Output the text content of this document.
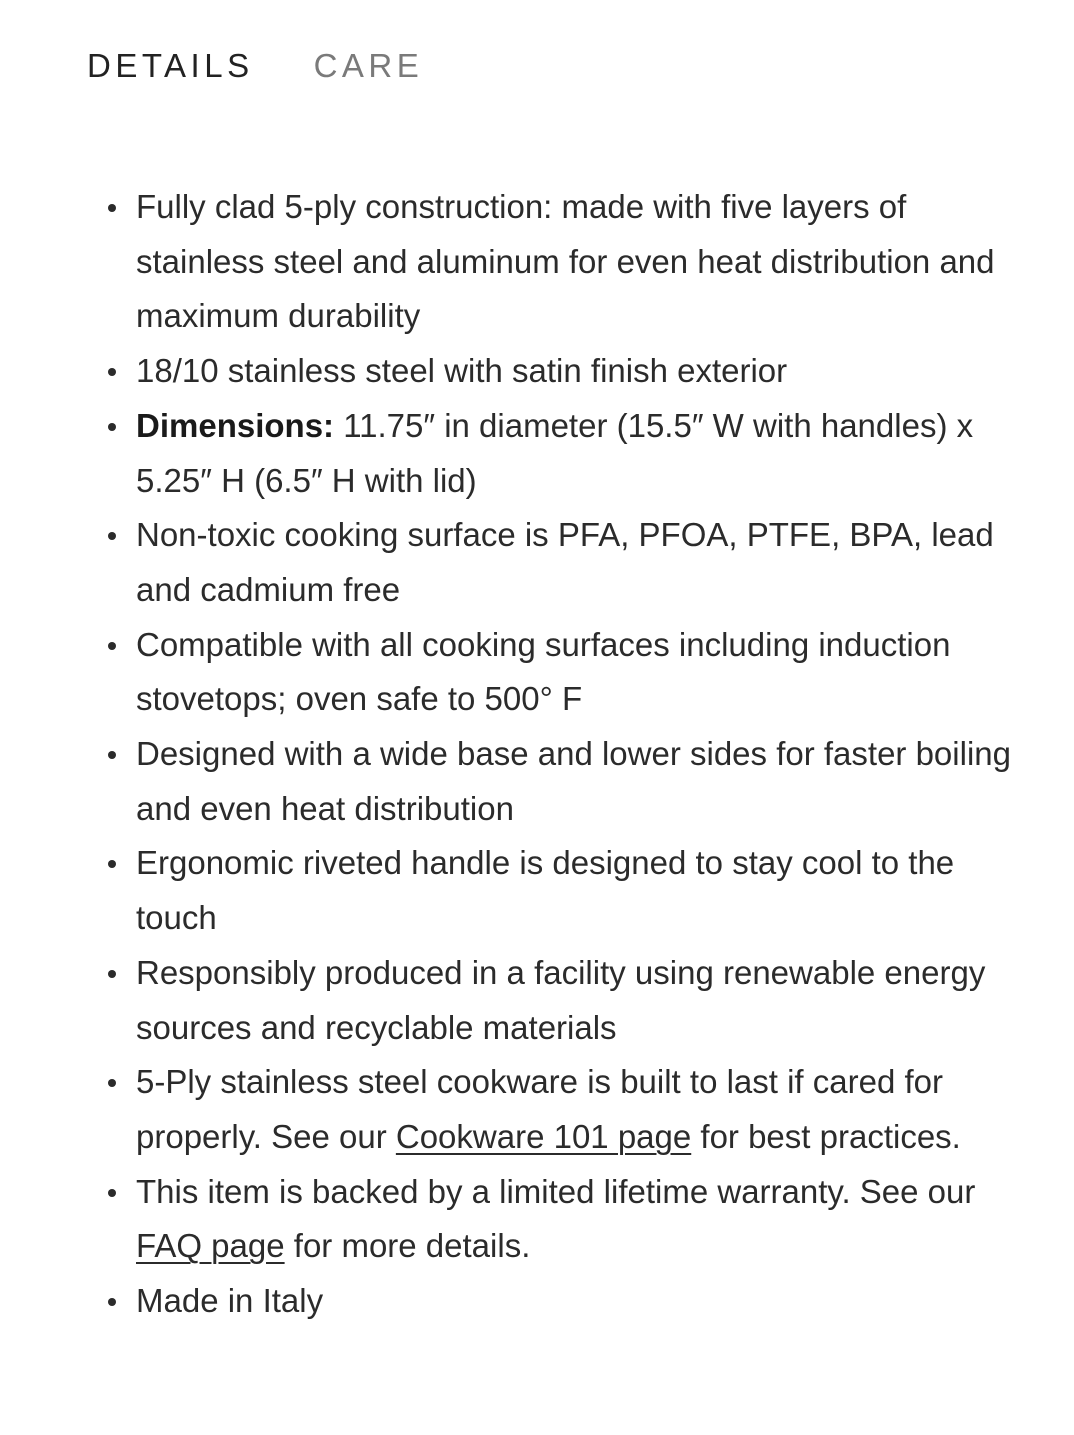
DETAILS CARE
Fully clad 5-ply construction: made with five layers of stainless steel and aluminum for even heat distribution and maximum durability
18/10 stainless steel with satin finish exterior
Dimensions: 11.75″ in diameter (15.5″ W with handles) x 5.25″ H (6.5″ H with lid)
Non-toxic cooking surface is PFA, PFOA, PTFE, BPA, lead and cadmium free
Compatible with all cooking surfaces including induction stovetops; oven safe to 500° F
Designed with a wide base and lower sides for faster boiling and even heat distribution
Ergonomic riveted handle is designed to stay cool to the touch
Responsibly produced in a facility using renewable energy sources and recyclable materials
5-Ply stainless steel cookware is built to last if cared for properly. See our Cookware 101 page for best practices.
This item is backed by a limited lifetime warranty. See our FAQ page for more details.
Made in Italy
